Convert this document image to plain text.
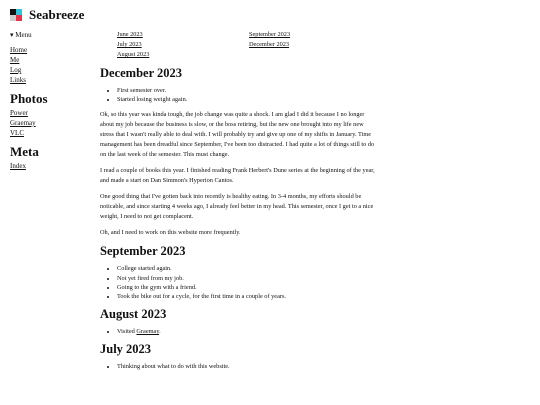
Seabreeze
▾ Menu
Home
Me
Log
Links
Photos
Power
Graemay
VLC
Meta
Index
June 2023	September 2023
July 2023	December 2023
August 2023
December 2023
• First semester over.
• Started losing weight again.

Ok, so this year was kinda tough, the job change was quite a shock. I am glad I did it because I no longer about my job because the business is slow, or the boss retiring, but the new one brought into my life new stress that I wasn't really able to deal with. I will probably try and give up one of my shifts in January. Time management has been dreadful since September, I've been too distracted. I had quite a lot of things still to do on the last week of the semester. This must change.

I read a couple of books this year. I finished reading Frank Herbert's Dune series at the beginning of the year, and made a start on Dan Simmon's Hyperion Cantos.

One good thing that I've gotten back into recently is healthy eating. In 3-4 months, my efforts should be noticable, and since starting 4 weeks ago, I already feel better in my head. This semester, once I get to a nice weight, I need to not get complacent.

Oh, and I need to work on this website more frequently.

September 2023
• College started again.
• Not yet fired from my job.
• Going to the gym with a friend.
• Took the bike out for a cycle, for the first time in a couple of years.
August 2023
• Visited Graemay.
July 2023
• Thinking about what to do with this website.
